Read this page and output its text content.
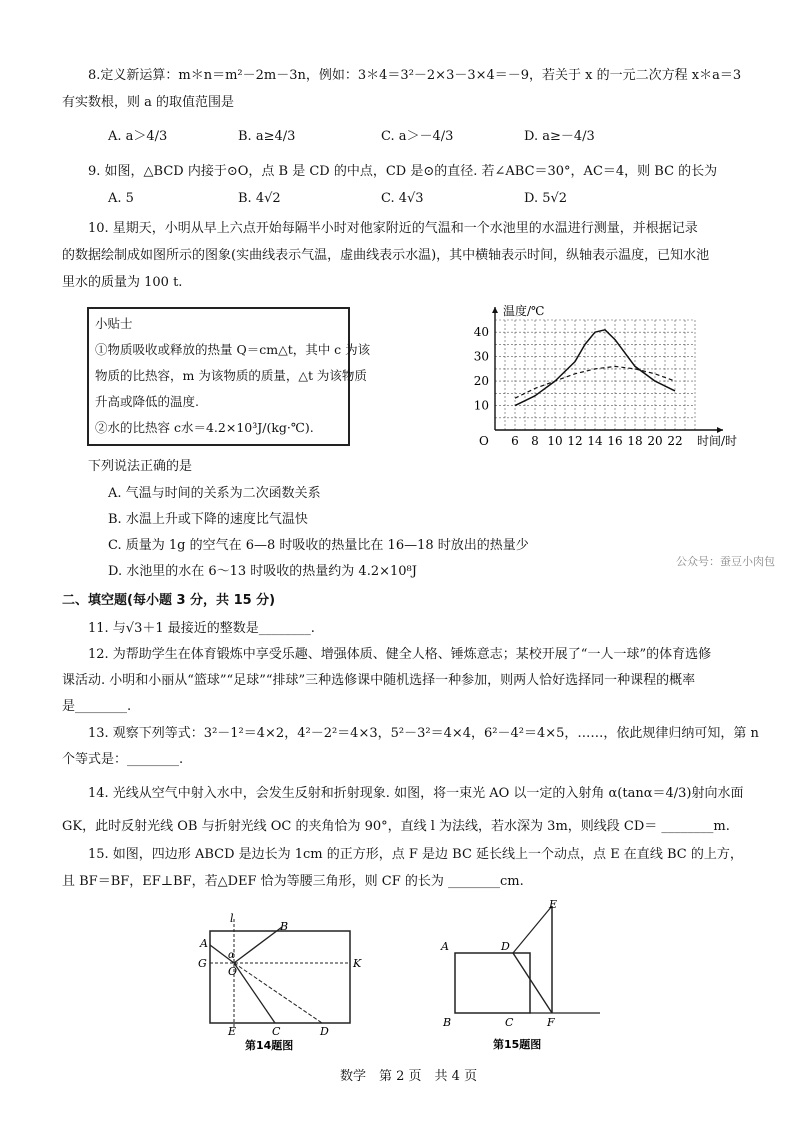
8.定义新运算：m＊n＝m²－2m－3n，例如：3＊4＝3²－2×3－3×4＝－9，若关于 x 的一元二次方程 x＊a＝3
有实数根，则 a 的取值范围是
A. a＞4/3	B. a≥4/3	C. a＞－4/3	D. a≥－4/3
9. 如图，△BCD 内接于⊙O，点 B 是 CD 的中点，CD 是⊙的直径. 若∠ABC＝30°，AC＝4，则 BC 的长为
A. 5	B. 4√2	C. 4√3	D. 5√2
10. 星期天，小明从早上六点开始每隔半小时对他家附近的气温和一个水池里的水温进行测量，并根据记录
的数据绘制成如图所示的图象(实曲线表示气温，虚曲线表示水温)，其中横轴表示时间，纵轴表示温度，已知水池
里水的质量为 100 t.
小贴士
①物质吸收或释放的热量 Q＝cm△t，其中 c 为该
物质的比热容，m 为该物质的质量，△t 为该物质
升高或降低的温度.
②水的比热容 c水＝4.2×10³J/(kg·℃).
6 8 10 12 14 16 18 20 22
10
20
30
40
O
温度/℃
时间/时
下列说法正确的是
A. 气温与时间的关系为二次函数关系
B. 水温上升或下降的速度比气温快
C. 质量为 1g 的空气在 6—8 时吸收的热量比在 16—18 时放出的热量少
D. 水池里的水在 6～13 时吸收的热量约为 4.2×10⁸J
公众号：蚕豆小肉包
二、填空题(每小题 3 分，共 15 分)
11. 与√3＋1 最接近的整数是________.
12. 为帮助学生在体育锻炼中享受乐趣、增强体质、健全人格、锤炼意志；某校开展了“一人一球”的体育选修
课活动. 小明和小丽从“篮球”“足球”“排球”三种选修课中随机选择一种参加，则两人恰好选择同一种课程的概率
是________.
13. 观察下列等式：3²－1²＝4×2，4²－2²＝4×3，5²－3²＝4×4，6²－4²＝4×5，……，依此规律归纳可知，第 n
个等式是：________.
14. 光线从空气中射入水中，会发生反射和折射现象. 如图，将一束光 AO 以一定的入射角 α(tanα＝4/3)射向水面
GK，此时反射光线 OB 与折射光线 OC 的夹角恰为 90°，直线 l 为法线，若水深为 3m，则线段 CD＝ ________m.
15. 如图，四边形 ABCD 是边长为 1cm 的正方形，点 F 是边 BC 延长线上一个动点，点 E 在直线 BC 的上方，
且 BF＝BF，EF⊥BF，若△DEF 恰为等腰三角形，则 CF 的长为 ________cm.
l
A
B
α
G
O
K
E	C	D
第14题图
A	D
E
B	C	F
第15题图
数学　第 2 页　共 4 页
